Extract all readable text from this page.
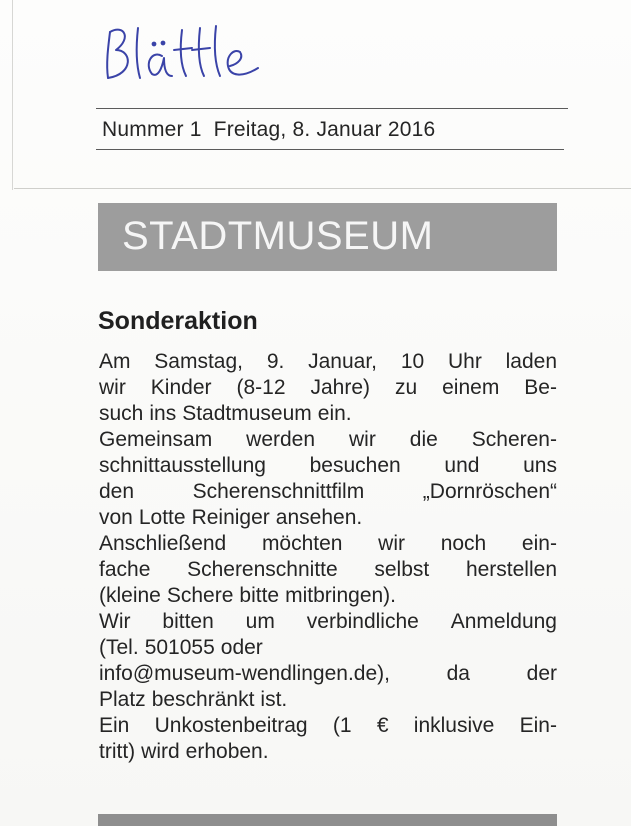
Nummer 1 Freitag, 8. Januar 2016
STADTMUSEUM
Sonderaktion
Am Samstag, 9. Januar, 10 Uhr laden
wir Kinder (8-12 Jahre) zu einem Be-
such ins Stadtmuseum ein.
Gemeinsam werden wir die Scheren-
schnittausstellung besuchen und uns
den	Scherenschnittfilm	„Dornröschen“
von Lotte Reiniger ansehen.
Anschließend möchten wir noch ein-
fache Scherenschnitte selbst herstellen
(kleine Schere bitte mitbringen).
Wir bitten um verbindliche Anmeldung
(Tel. 501055 oder
info@museum-wendlingen.de),	da	der
Platz beschränkt ist.
Ein Unkostenbeitrag (1 € inklusive Ein-
tritt) wird erhoben.
